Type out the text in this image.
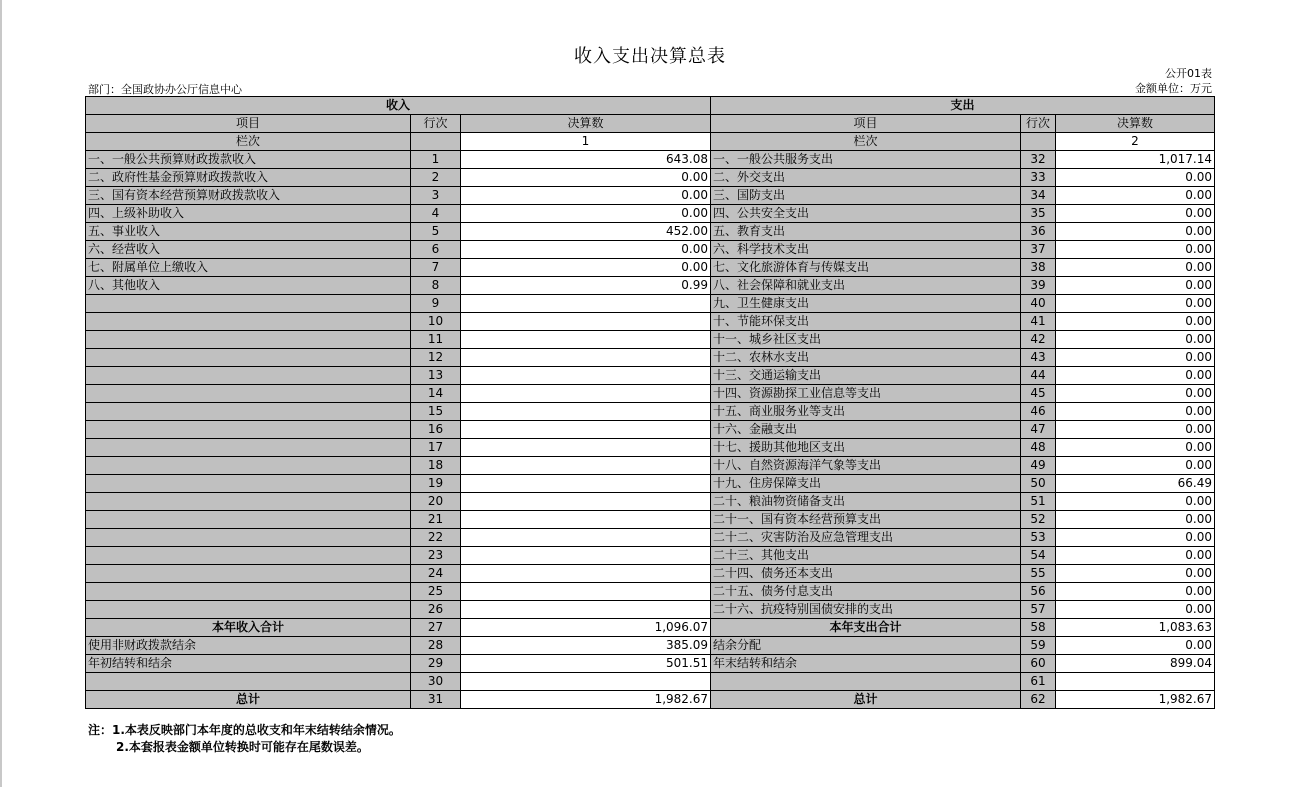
收入支出决算总表
部门：全国政协办公厅信息中心
公开01表
金额单位：万元
收入			支出		
项目	行次	决算数	项目	行次	决算数
栏次		1	栏次		2
一、一般公共预算财政拨款收入	1	643.08	一、一般公共服务支出	32	1,017.14
二、政府性基金预算财政拨款收入	2	0.00	二、外交支出	33	0.00
三、国有资本经营预算财政拨款收入	3	0.00	三、国防支出	34	0.00
四、上级补助收入	4	0.00	四、公共安全支出	35	0.00
五、事业收入	5	452.00	五、教育支出	36	0.00
六、经营收入	6	0.00	六、科学技术支出	37	0.00
七、附属单位上缴收入	7	0.00	七、文化旅游体育与传媒支出	38	0.00
八、其他收入	8	0.99	八、社会保障和就业支出	39	0.00
	9		九、卫生健康支出	40	0.00
	10		十、节能环保支出	41	0.00
	11		十一、城乡社区支出	42	0.00
	12		十二、农林水支出	43	0.00
	13		十三、交通运输支出	44	0.00
	14		十四、资源勘探工业信息等支出	45	0.00
	15		十五、商业服务业等支出	46	0.00
	16		十六、金融支出	47	0.00
	17		十七、援助其他地区支出	48	0.00
	18		十八、自然资源海洋气象等支出	49	0.00
	19		十九、住房保障支出	50	66.49
	20		二十、粮油物资储备支出	51	0.00
	21		二十一、国有资本经营预算支出	52	0.00
	22		二十二、灾害防治及应急管理支出	53	0.00
	23		二十三、其他支出	54	0.00
	24		二十四、债务还本支出	55	0.00
	25		二十五、债务付息支出	56	0.00
	26		二十六、抗疫特别国债安排的支出	57	0.00
本年收入合计	27	1,096.07	本年支出合计	58	1,083.63
使用非财政拨款结余	28	385.09	结余分配	59	0.00
年初结转和结余	29	501.51	年末结转和结余	60	899.04
	30			61	
总计	31	1,982.67	总计	62	1,982.67
注：1.本表反映部门本年度的总收支和年末结转结余情况。
2.本套报表金额单位转换时可能存在尾数误差。
